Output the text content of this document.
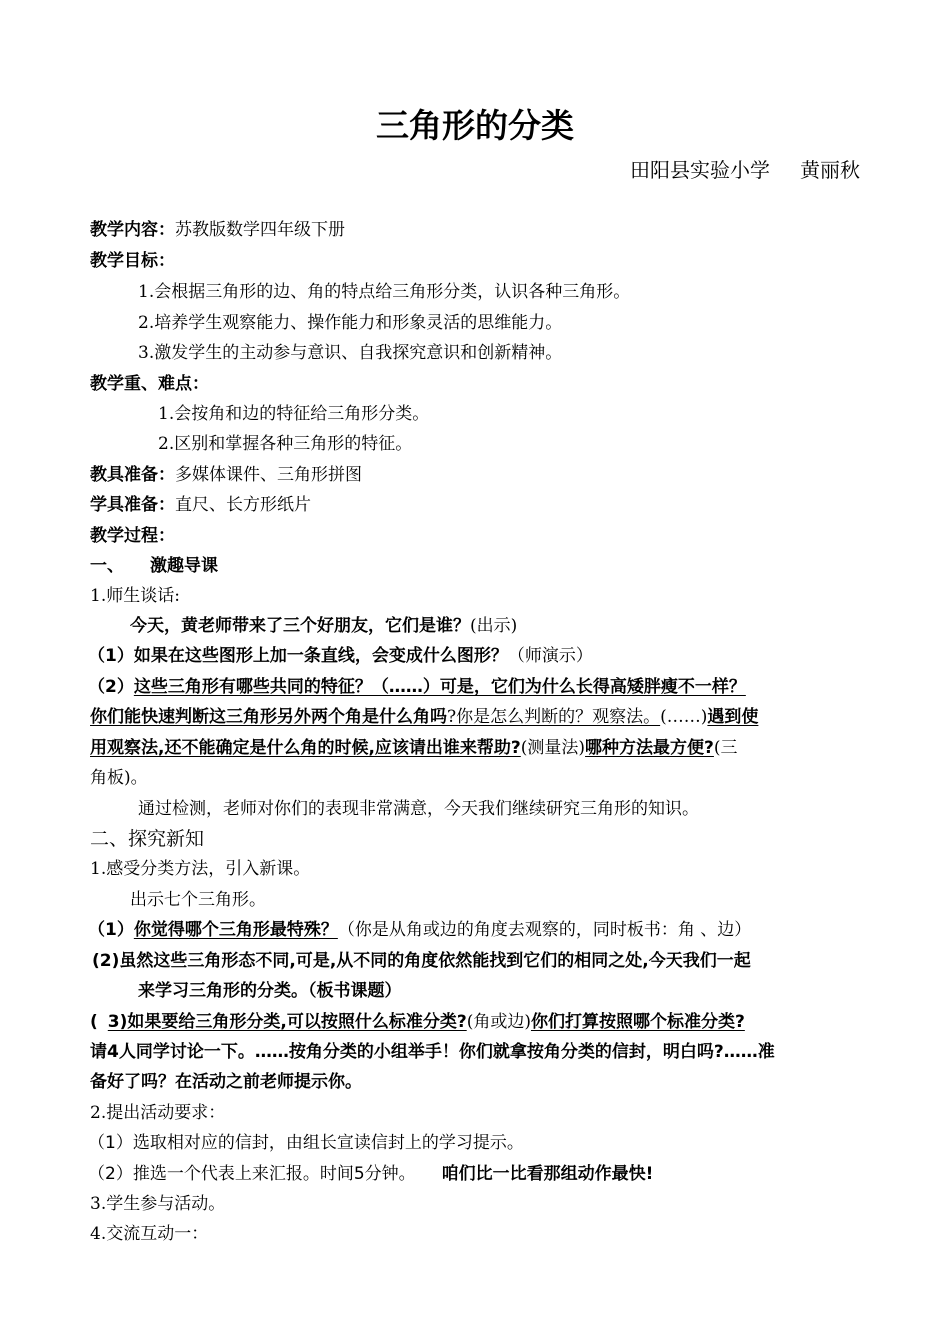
三角形的分类
田阳县实验小学 黄丽秋
教学内容：苏教版数学四年级下册
教学目标：
1.会根据三角形的边、角的特点给三角形分类，认识各种三角形。
2.培养学生观察能力、操作能力和形象灵活的思维能力。
3.激发学生的主动参与意识、自我探究意识和创新精神。
教学重、难点：
1.会按角和边的特征给三角形分类。
2.区别和掌握各种三角形的特征。
教具准备：多媒体课件、三角形拼图
学具准备：直尺、长方形纸片
教学过程：
一、 激趣导课
1.师生谈话:
今天，黄老师带来了三个好朋友，它们是谁？(出示)
（1）如果在这些图形上加一条直线，会变成什么图形？（师演示）
（2）这些三角形有哪些共同的特征？（……）可是，它们为什么长得高矮胖瘦不一样？
你们能快速判断这三角形另外两个角是什么角吗?你是怎么判断的？观察法。(……)遇到使
用观察法,还不能确定是什么角的时候,应该请出谁来帮助?(测量法)哪种方法最方便?(三
角板)。
通过检测，老师对你们的表现非常满意，今天我们继续研究三角形的知识。
二、探究新知
1.感受分类方法，引入新课。
出示七个三角形。
（1）你觉得哪个三角形最特殊？（你是从角或边的角度去观察的，同时板书：角 、边）
(2)虽然这些三角形态不同,可是,从不同的角度依然能找到它们的相同之处,今天我们一起
来学习三角形的分类。（板书课题）
( 3)如果要给三角形分类,可以按照什么标准分类?(角或边)你们打算按照哪个标准分类?
请4人同学讨论一下。……按角分类的小组举手！你们就拿按角分类的信封，明白吗?……准
备好了吗？在活动之前老师提示你。
2.提出活动要求：
（1）选取相对应的信封，由组长宣读信封上的学习提示。
（2）推选一个代表上来汇报。时间5分钟。 咱们比一比看那组动作最快!
3.学生参与活动。
4.交流互动一：
